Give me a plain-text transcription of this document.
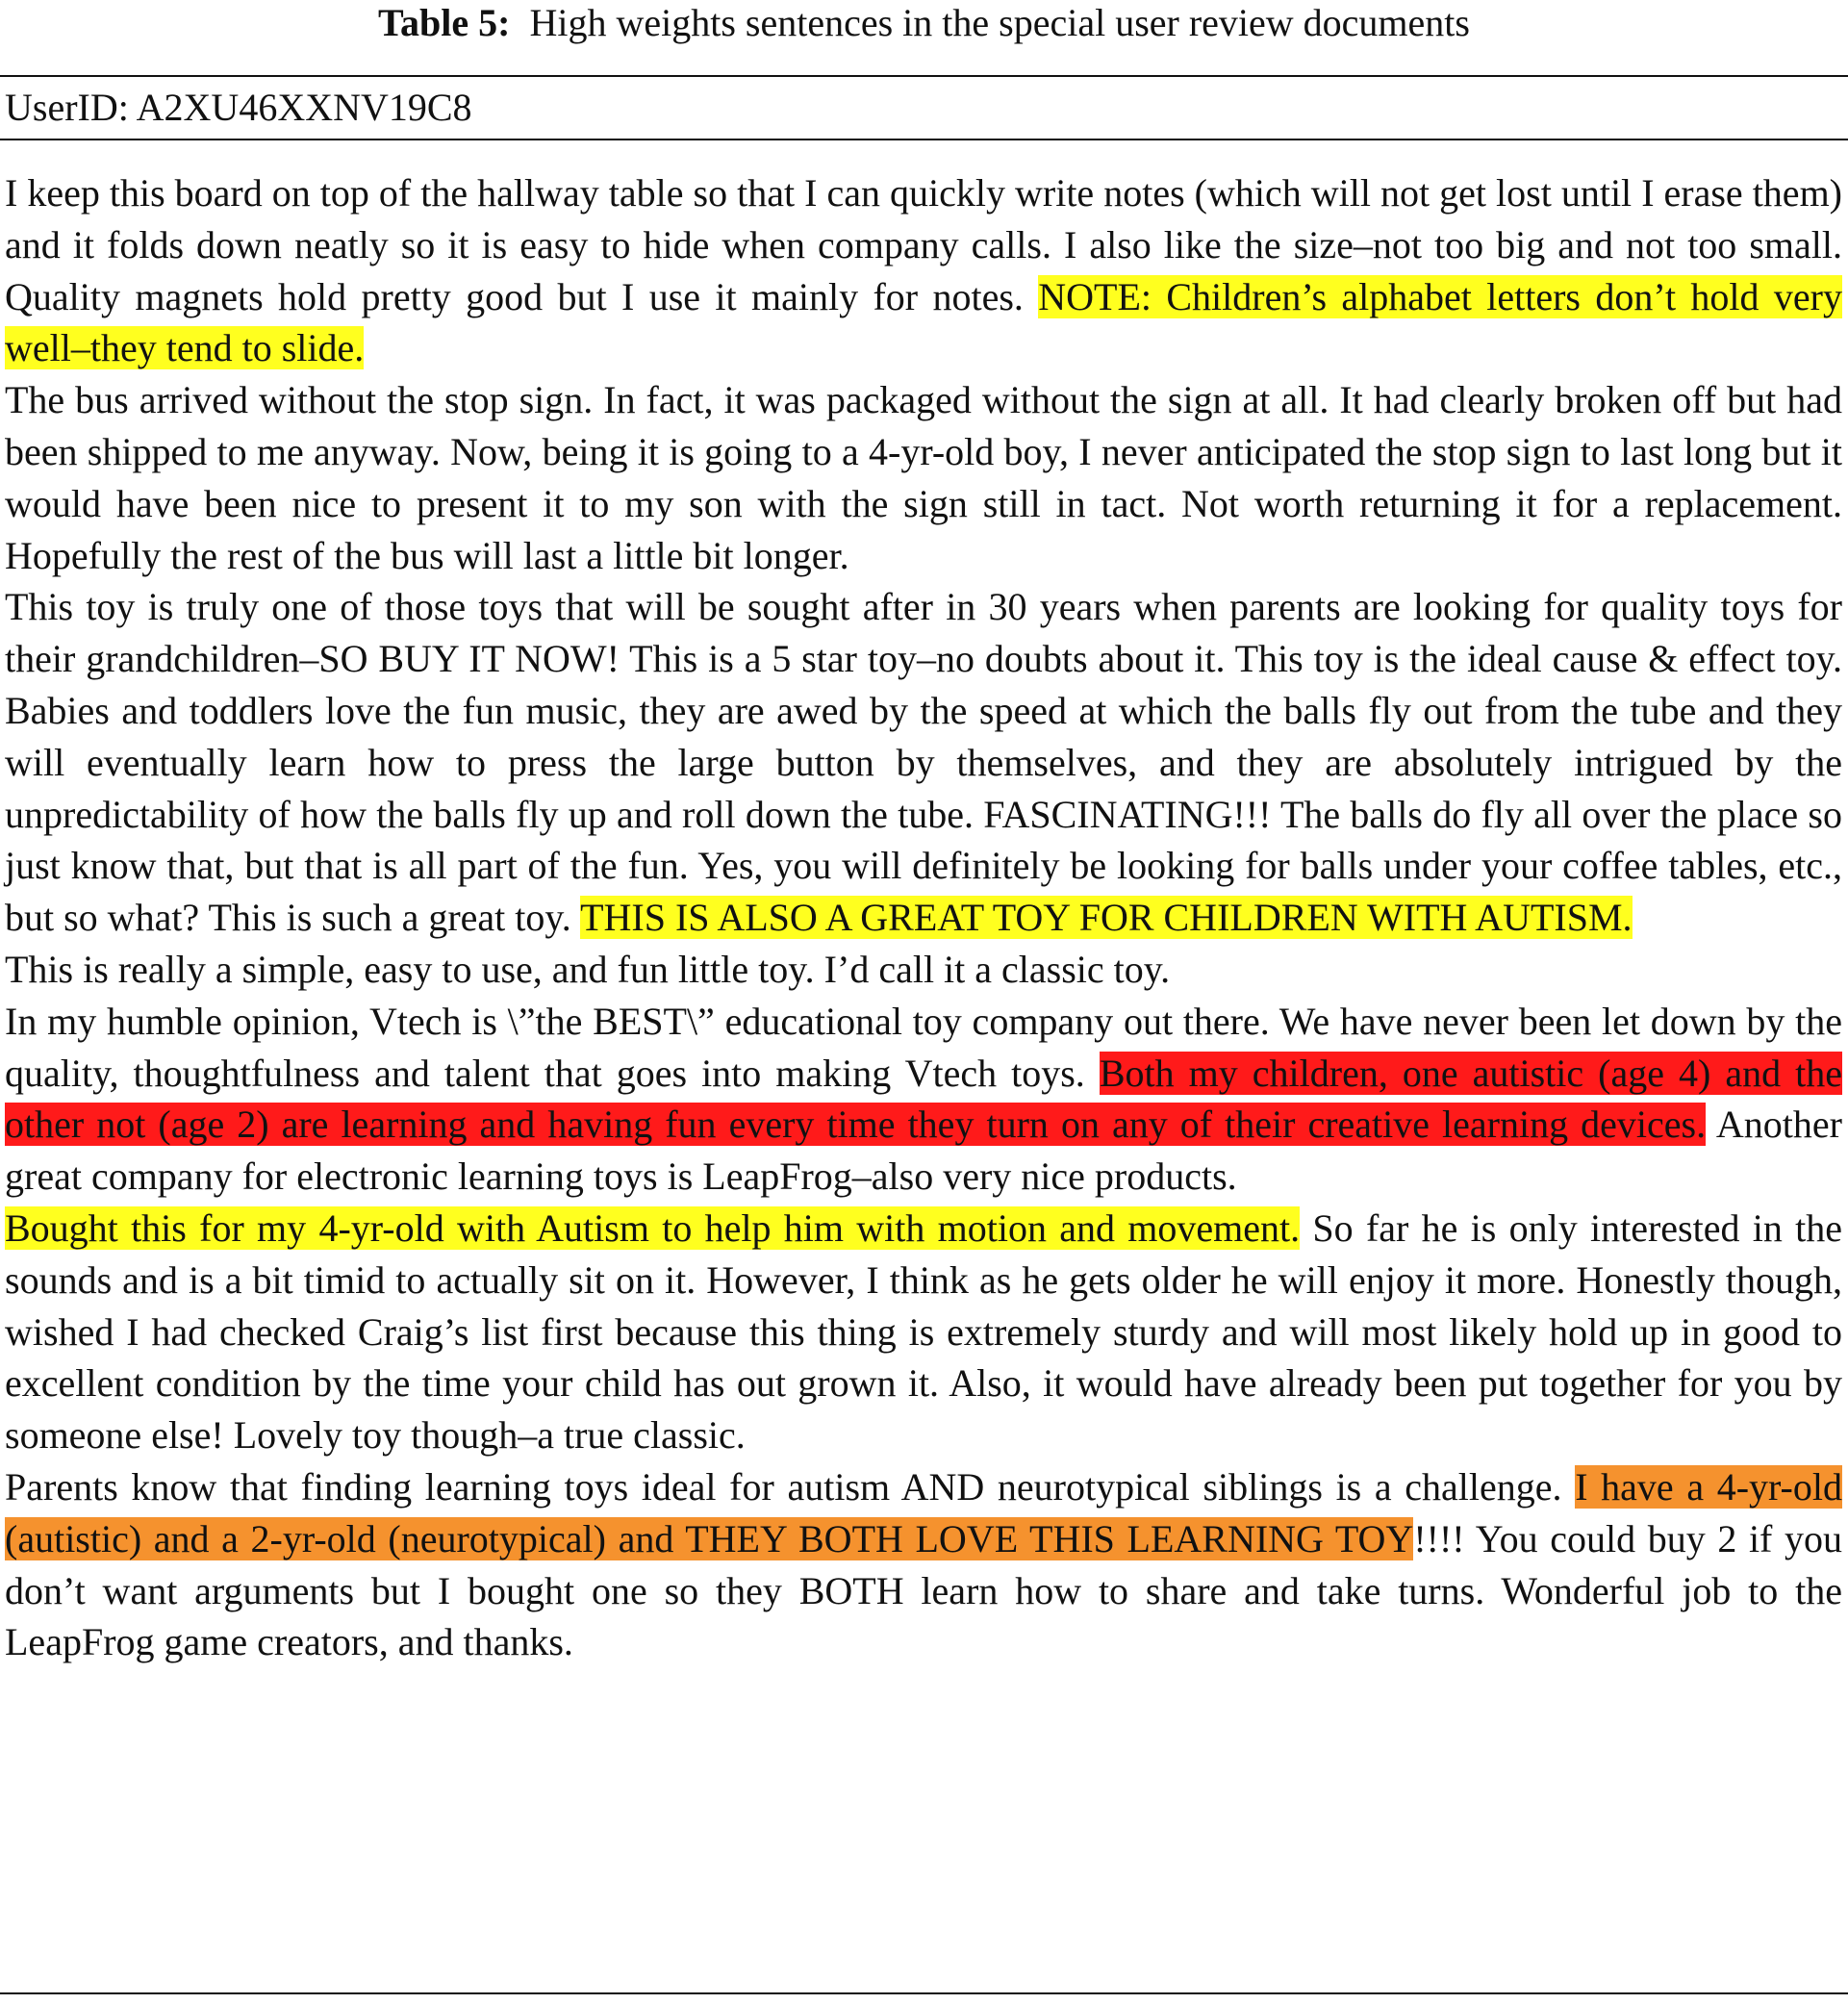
Table 5: High weights sentences in the special user review documents
UserID: A2XU46XXNV19C8

I keep this board on top of the hallway table so that I can quickly write notes (which will not get lost until I erase them) and it folds down neatly so it is easy to hide when company calls. I also like the size–not too big and not too small. Quality magnets hold pretty good but I use it mainly for notes. NOTE: Children’s alphabet letters don’t hold very well–they tend to slide.

The bus arrived without the stop sign. In fact, it was packaged without the sign at all. It had clearly broken off but had been shipped to me anyway. Now, being it is going to a 4-yr-old boy, I never anticipated the stop sign to last long but it would have been nice to present it to my son with the sign still in tact. Not worth returning it for a replacement. Hopefully the rest of the bus will last a little bit longer.

This toy is truly one of those toys that will be sought after in 30 years when parents are looking for quality toys for their grandchildren–SO BUY IT NOW! This is a 5 star toy–no doubts about it. This toy is the ideal cause & effect toy. Babies and toddlers love the fun music, they are awed by the speed at which the balls fly out from the tube and they will eventually learn how to press the large button by themselves, and they are absolutely intrigued by the unpredictability of how the balls fly up and roll down the tube. FASCINATING!!! The balls do fly all over the place so just know that, but that is all part of the fun. Yes, you will definitely be looking for balls under your coffee tables, etc., but so what? This is such a great toy. THIS IS ALSO A GREAT TOY FOR CHILDREN WITH AUTISM.

This is really a simple, easy to use, and fun little toy. I’d call it a classic toy.

In my humble opinion, Vtech is \”the BEST\” educational toy company out there. We have never been let down by the quality, thoughtfulness and talent that goes into making Vtech toys. Both my children, one autistic (age 4) and the other not (age 2) are learning and having fun every time they turn on any of their creative learning devices. Another great company for electronic learning toys is LeapFrog–also very nice products.

Bought this for my 4-yr-old with Autism to help him with motion and movement. So far he is only interested in the sounds and is a bit timid to actually sit on it. However, I think as he gets older he will enjoy it more. Honestly though, wished I had checked Craig’s list first because this thing is extremely sturdy and will most likely hold up in good to excellent condition by the time your child has out grown it. Also, it would have already been put together for you by someone else! Lovely toy though–a true classic.

Parents know that finding learning toys ideal for autism AND neurotypical siblings is a challenge. I have a 4-yr-old (autistic) and a 2-yr-old (neurotypical) and THEY BOTH LOVE THIS LEARNING TOY!!!! You could buy 2 if you don’t want arguments but I bought one so they BOTH learn how to share and take turns. Wonderful job to the LeapFrog game creators, and thanks.
